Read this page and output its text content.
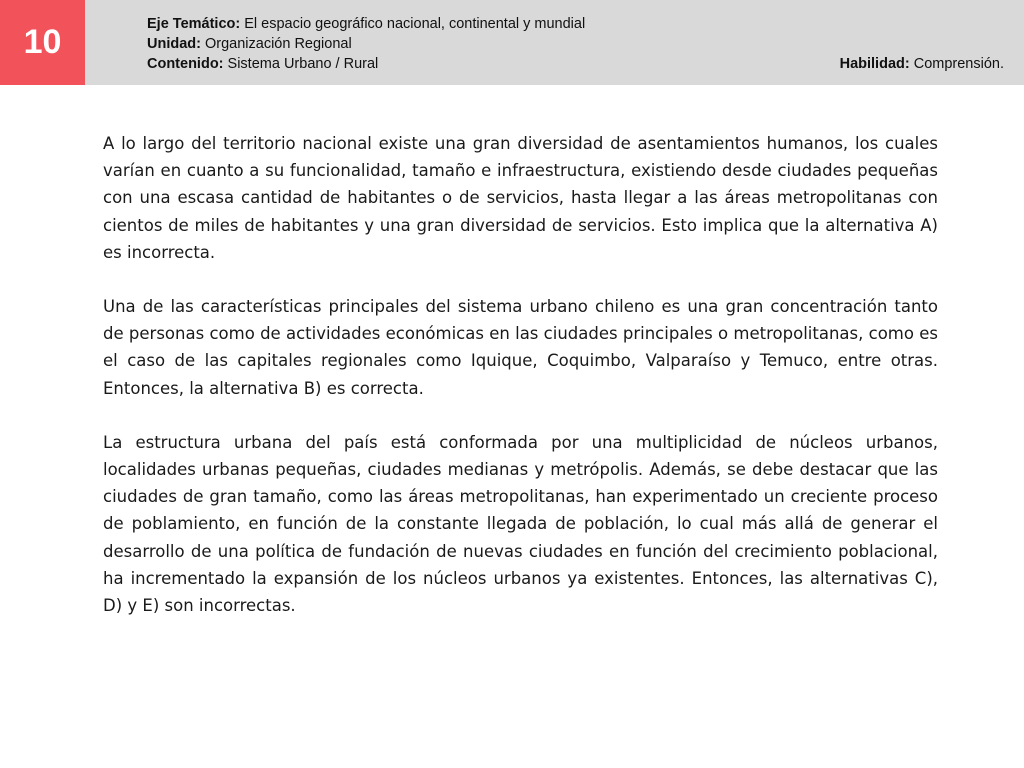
10	Eje Temático: El espacio geográfico nacional, continental y mundial
Unidad: Organización Regional
Contenido: Sistema Urbano / Rural	Habilidad: Comprensión.

A lo largo del territorio nacional existe una gran diversidad de asentamientos humanos, los cuales varían en cuanto a su funcionalidad, tamaño e infraestructura, existiendo desde ciudades pequeñas con una escasa cantidad de habitantes o de servicios, hasta llegar a las áreas metropolitanas con cientos de miles de habitantes y una gran diversidad de servicios. Esto implica que la alternativa A) es incorrecta.

Una de las características principales del sistema urbano chileno es una gran concentración tanto de personas como de actividades económicas en las ciudades principales o metropolitanas, como es el caso de las capitales regionales como Iquique, Coquimbo, Valparaíso y Temuco, entre otras. Entonces, la alternativa B) es correcta.

La estructura urbana del país está conformada por una multiplicidad de núcleos urbanos, localidades urbanas pequeñas, ciudades medianas y metrópolis. Además, se debe destacar que las ciudades de gran tamaño, como las áreas metropolitanas, han experimentado un creciente proceso de poblamiento, en función de la constante llegada de población, lo cual más allá de generar el desarrollo de una política de fundación de nuevas ciudades en función del crecimiento poblacional, ha incrementado la expansión de los núcleos urbanos ya existentes. Entonces, las alternativas C), D) y E) son incorrectas.
